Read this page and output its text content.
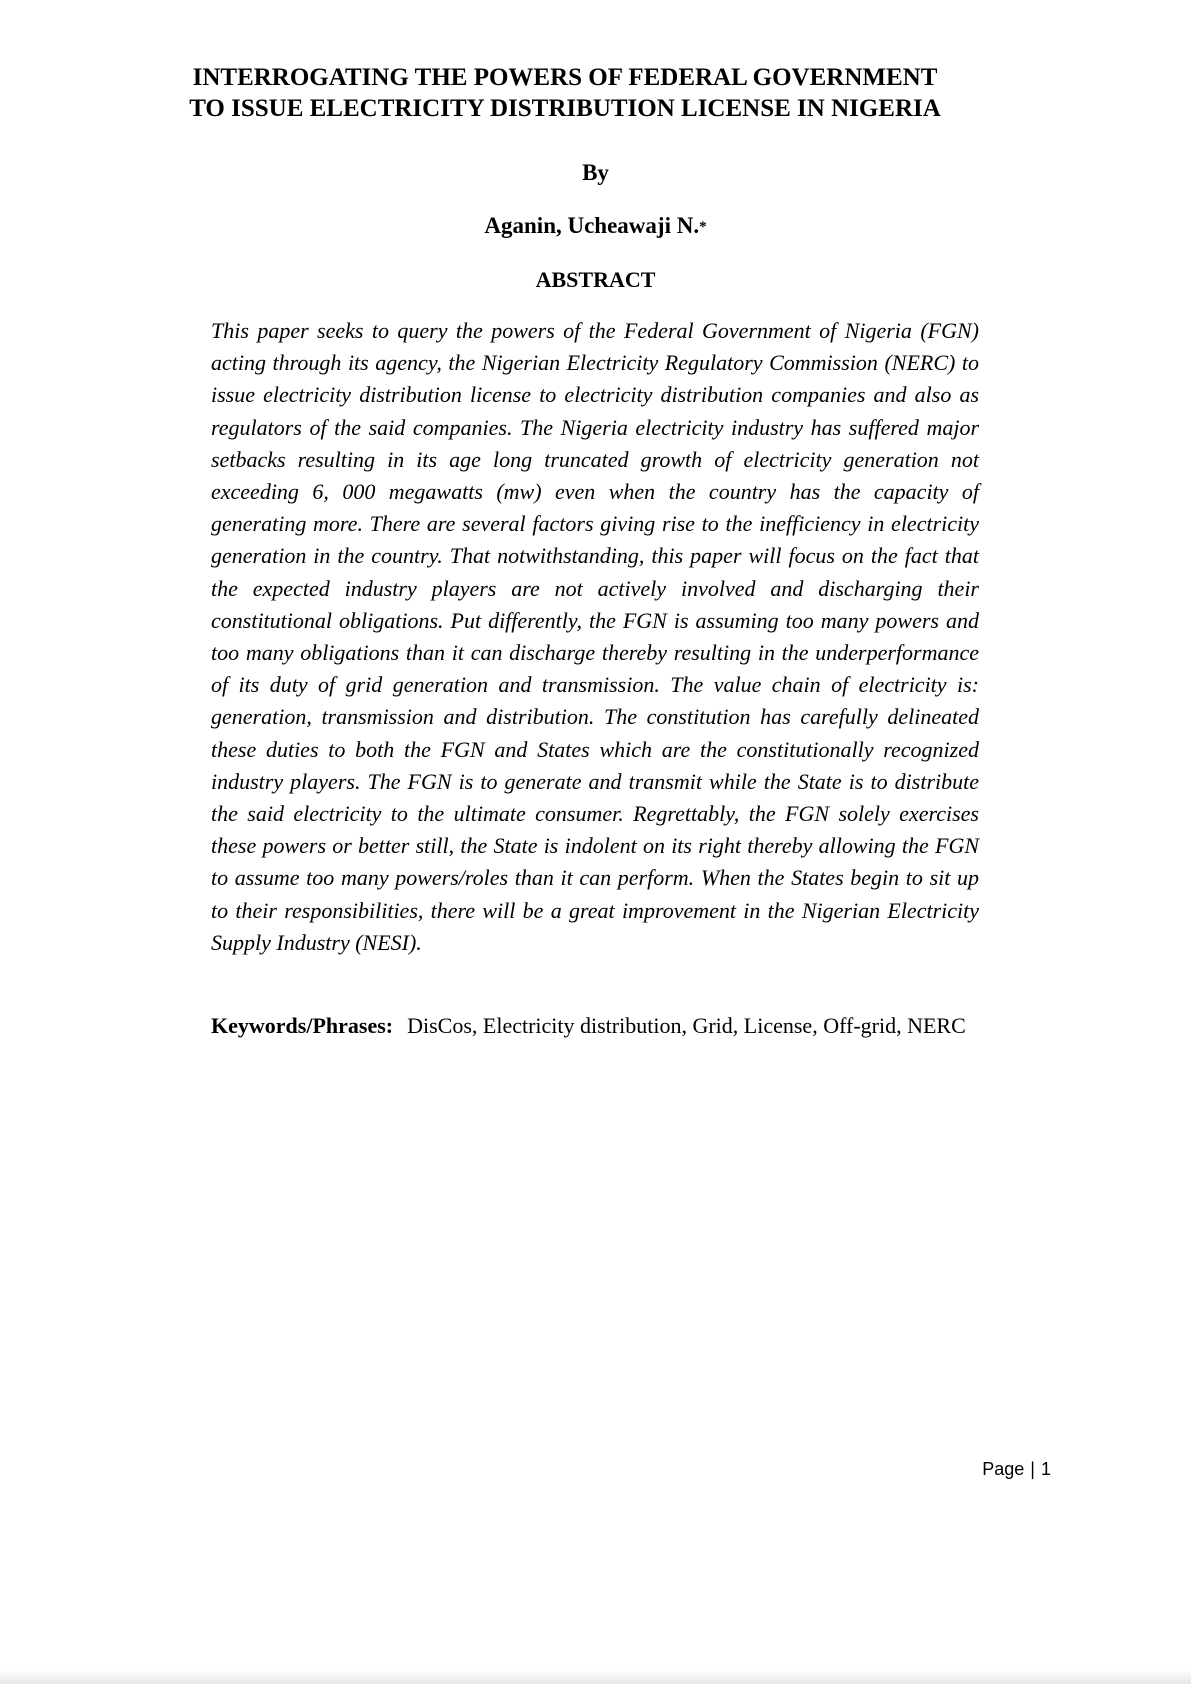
INTERROGATING THE POWERS OF FEDERAL GOVERNMENT
TO ISSUE ELECTRICITY DISTRIBUTION LICENSE IN NIGERIA
By
Aganin, Ucheawaji N.*
ABSTRACT

This paper seeks to query the powers of the Federal Government of Nigeria (FGN) acting through its agency, the Nigerian Electricity Regulatory Commission (NERC) to issue electricity distribution license to electricity distribution companies and also as regulators of the said companies. The Nigeria electricity industry has suffered major setbacks resulting in its age long truncated growth of electricity generation not exceeding 6, 000 megawatts (mw) even when the country has the capacity of generating more. There are several factors giving rise to the inefficiency in electricity generation in the country. That notwithstanding, this paper will focus on the fact that the expected industry players are not actively involved and discharging their constitutional obligations. Put differently, the FGN is assuming too many powers and too many obligations than it can discharge thereby resulting in the underperformance of its duty of grid generation and transmission. The value chain of electricity is: generation, transmission and distribution. The constitution has carefully delineated these duties to both the FGN and States which are the constitutionally recognized industry players. The FGN is to generate and transmit while the State is to distribute the said electricity to the ultimate consumer. Regrettably, the FGN solely exercises these powers or better still, the State is indolent on its right thereby allowing the FGN to assume too many powers/roles than it can perform. When the States begin to sit up to their responsibilities, there will be a great improvement in the Nigerian Electricity Supply Industry (NESI).

Keywords/Phrases: DisCos, Electricity distribution, Grid, License, Off-grid, NERC
Page | 1
